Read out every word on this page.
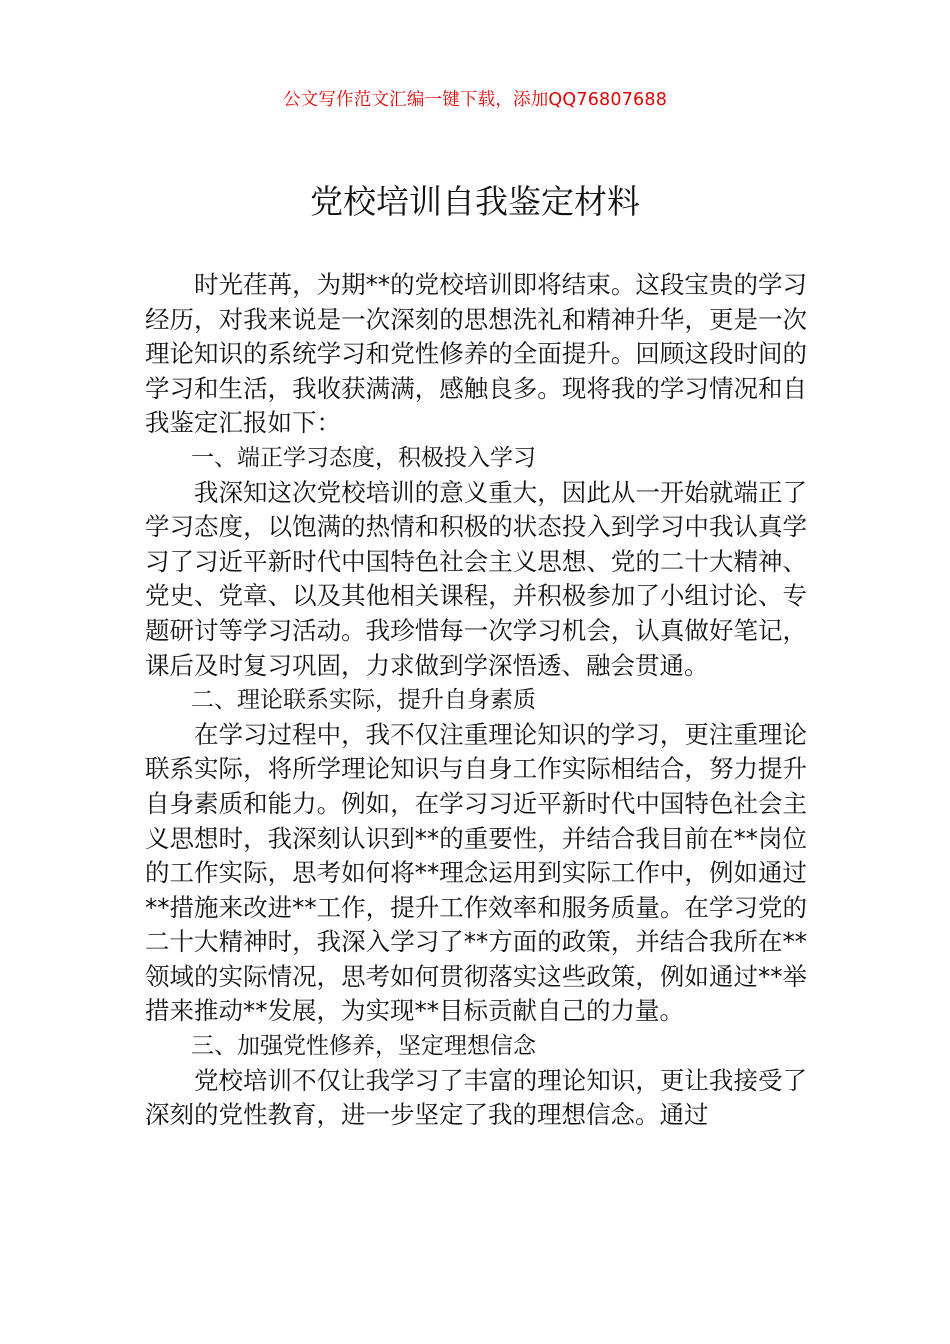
公文写作范文汇编一键下载，添加QQ76807688
党校培训自我鉴定材料

时光荏苒，为期**的党校培训即将结束。这段宝贵的学习经历，对我来说是一次深刻的思想洗礼和精神升华，更是一次理论知识的系统学习和党性修养的全面提升。回顾这段时间的学习和生活，我收获满满，感触良多。现将我的学习情况和自我鉴定汇报如下：

一、端正学习态度，积极投入学习

我深知这次党校培训的意义重大，因此从一开始就端正了学习态度，以饱满的热情和积极的状态投入到学习中我认真学习了习近平新时代中国特色社会主义思想、党的二十大精神、党史、党章、以及其他相关课程，并积极参加了小组讨论、专题研讨等学习活动。我珍惜每一次学习机会，认真做好笔记，课后及时复习巩固，力求做到学深悟透、融会贯通。

二、理论联系实际，提升自身素质

在学习过程中，我不仅注重理论知识的学习，更注重理论联系实际，将所学理论知识与自身工作实际相结合，努力提升自身素质和能力。例如，在学习习近平新时代中国特色社会主义思想时，我深刻认识到**的重要性，并结合我目前在**岗位的工作实际，思考如何将**理念运用到实际工作中，例如通过**措施来改进**工作，提升工作效率和服务质量。在学习党的二十大精神时，我深入学习了**方面的政策，并结合我所在**领域的实际情况，思考如何贯彻落实这些政策，例如通过**举措来推动**发展，为实现**目标贡献自己的力量。

三、加强党性修养，坚定理想信念

党校培训不仅让我学习了丰富的理论知识，更让我接受了深刻的党性教育，进一步坚定了我的理想信念。通过
